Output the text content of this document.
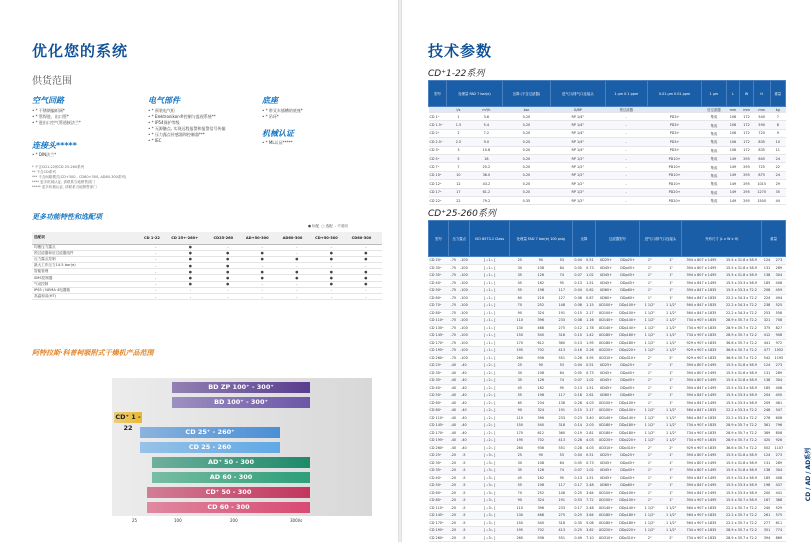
优化您的系统
供货范围
空气回路
• * 不锈钢编织网*
• * 管焊进、出口管*
• * 进出口空气管道接法兰*
电气部件
• * 预装电气柜
• * Elektronikon®控制与监视系统**
• * IP54保护等级
• * 无源触点, 实现远程报警和报警信号传输
• * 压力露点传感器和控制器***
• * IEC
底座
• * 带叉车插槽的底座*
• * 吊环*
机械认证
• * ML认证*****
连接头*****
• * DIN法兰*
* 不含CD1-22和CD 25-260系列
** 不含CD系列
*** 不含间歇模式(CD+300 - CD60+300, AD60-300系列)
**** 更多机械认证, 请联系当地销售部门
***** 更多机械认证, 请联系当地销售部门
更多功能特性和选配项
● 标配 ○ 选配 - 不适用
选配项	CD 1-22	CD 25+-260+	CD25-260	AD+50-300	AD60-300	CD+50-300	CD60-300
均衡压力露点	-	●	-	-	-	-	-
预过滤器和后过滤器组件	-	●	●	●	-	●	●
压力露点控制	-	●	●	●	●	●	●
最大工作压力14.5 bar(e)	-	●	●	-	-	-	-
智能管理	-	●	●	●	●	●	●
SMS控制器	-	●	●	●	●	●	●
气动控制	-	●	●	-	-	●	●
IP65 / NEMA 4电器箱	-	-	-	-	-	-	-
高温和双(HT)	-	-	-	-	-	-	-
阿特拉斯·科普柯吸附式干燥机产品范围
BD ZP 100⁺ - 300⁺
BD 100⁺ - 300⁺
CD⁺ 1 - 22	CD 25⁺ - 260⁺
CD 25 - 260
AD⁺ 50 - 300
AD 60 - 300
CD⁺ 50 - 300
CD 60 - 300
25	100	200	300l/s
CD / AD / AD系列
技术参数
CD⁺1-22系列
型号	处理量 FAD 7 bar(e)		压降 (不含过滤器)	进气口/排气口连接头	1 μm 0.1 ppm	0.01 μm 0.01 ppm	1 μm	L	W	H	重量
	l/s	m³/h	bar	G/BP	预过滤器		后过滤器	mm	mm	mm	kg
CD 1⁺	1	3.6	0.20	RP 1/4"	-	PD3+	集成	106	172	540	7
CD 1.5⁺	1.5	5.4	0.20	RP 1/4"	-	PD3+	集成	106	172	590	8
CD 2⁺	2	7.2	0.20	RP 1/4"	-	PD3+	集成	106	172	720	9
CD 2.5⁺	2.5	9.0	0.20	RP 1/4"	-	PD3+	集成	106	172	835	10
CD 3⁺	3	10.8	0.20	RP 1/4"	-	PD3+	集成	106	172	835	11
CD 5⁺	5	18	0.20	RP 1/2"	-	PD10+	集成	149	295	645	24
CD 7⁺	7	25.2	0.20	RP 1/2"	-	PD10+	集成	149	295	725	22
CD 10⁺	10	36.0	0.20	RP 1/2"	-	PD10+	集成	149	295	875	24
CD 12⁺	12	43.2	0.20	RP 1/2"	-	PD10+	集成	149	295	1015	29
CD 17⁺	17	61.2	0.20	RP 1/2"	-	PD20+	集成	149	295	1270	35
CD 22⁺	22	79.2	0.35	RP 1/2"	-	PD20+	集成	149	295	1500	44
CD⁺25-260系列
型号	压力露点		ISO 8573-1 Class	处理量 FAD 7 bar(e) 100 psig			压降		过滤器型号		进气口/排气口连接头		外形尺寸 (L x W x H)		重量	
CD 25⁺	-70	-100	[ -:1:- ]	25	90	53	0.04	0.51	UD25+	DDp25+	1"	1"	394 x 807 x 1495	15.5 x 31.8 x 58.9	124	273
CD 30⁺	-70	-100	[ -:1:- ]	30	108	64	0.05	0.73	UD45+	DDp45+	1"	1"	394 x 807 x 1495	15.5 x 31.8 x 58.9	131	289
CD 35⁺	-70	-100	[ -:1:- ]	35	126	74	0.07	1.02	UD45+	DDp45+	1"	1"	394 x 807 x 1495	15.5 x 31.8 x 58.9	138	304
CD 40⁺	-70	-100	[ -:1:- ]	45	162	95	0.13	1.51	UD45+	DDp45+	1"	1"	394 x 847 x 1495	15.5 x 33.3 x 58.9	185	408
CD 50⁺	-70	-100	[ -:1:- ]	55	198	117	0.04	0.62	UD60+	DDp60+	1"	1"	394 x 847 x 1835	15.5 x 33.3 x 72.2	208	459
CD 60⁺	-70	-100	[ -:1:- ]	60	216	127	0.06	0.87	UD60+	DDp60+	1"	1"	564 x 847 x 1835	22.2 x 34.3 x 72.2	224	494
CD 70⁺	-70	-100	[ -:1:- ]	70	252	148	0.08	1.15	UD100+	DDp100+	1 1/2"	1 1/2"	564 x 847 x 1835	22.2 x 34.3 x 72.2	238	525
CD 80⁺	-70	-100	[ -:1:- ]	90	324	191	0.15	2.17	UD100+	DDp100+	1 1/2"	1 1/2"	564 x 847 x 1835	22.2 x 34.3 x 72.2	253	558
CD 110⁺	-70	-100	[ -:1:- ]	110	396	233	0.08	1.16	UD140+	DDp140+	1 1/2"	1 1/2"	734 x 907 x 1835	28.9 x 35.7 x 72.2	321	708
CD 130⁺	-70	-100	[ -:1:- ]	130	468	275	0.12	1.78	UD140+	DDp140+	1 1/2"	1 1/2"	734 x 907 x 1835	28.9 x 35.7 x 72.2	375	827
CD 145⁺	-70	-100	[ -:1:- ]	150	540	318	0.10	1.42	UD180+	DDp180+	1 1/2"	1 1/2"	734 x 907 x 1835	28.9 x 35.7 x 72.2	412	908
CD 170⁺	-70	-100	[ -:1:- ]	170	612	360	0.13	1.95	UD180+	DDp180+	1 1/2"	1 1/2"	929 x 907 x 1835	36.6 x 35.7 x 72.2	441	972
CD 195⁺	-70	-100	[ -:1:- ]	195	702	413	0.16	2.26	UD220+	DDp220+	1 1/2"	1 1/2"	929 x 907 x 1835	36.6 x 35.7 x 72.2	477	1052
CD 260⁺	-70	-100	[ -:1:- ]	260	936	551	0.28	3.95	UD310+	DDp310+	2"	2"	929 x 907 x 1835	36.6 x 35.7 x 72.2	542	1195
CD 25⁺	-40	-40	[ -:2:- ]	25	90	53	0.04	0.51	UD25+	DDp25+	1"	1"	394 x 807 x 1495	15.5 x 31.8 x 58.9	124	273
CD 30⁺	-40	-40	[ -:2:- ]	30	108	64	0.05	0.73	UD45+	DDp45+	1"	1"	394 x 807 x 1495	15.5 x 31.8 x 58.9	131	289
CD 35⁺	-40	-40	[ -:2:- ]	35	126	74	0.07	1.02	UD45+	DDp45+	1"	1"	394 x 807 x 1495	15.5 x 31.8 x 58.9	138	304
CD 40⁺	-40	-40	[ -:2:- ]	45	162	95	0.13	1.51	UD45+	DDp45+	1"	1"	394 x 847 x 1495	15.5 x 33.3 x 58.9	185	408
CD 50⁺	-40	-40	[ -:2:- ]	55	198	117	0.18	2.61	UD60+	DDp60+	1"	1"	394 x 847 x 1495	15.5 x 33.3 x 58.9	204	450
CD 60⁺	-40	-40	[ -:2:- ]	65	234	138	0.28	4.03	UD100+	DDp100+	1"	1"	394 x 847 x 1495	15.5 x 33.3 x 58.9	209	461
CD 80⁺	-40	-40	[ -:2:- ]	90	324	191	0.15	2.17	UD100+	DDp100+	1 1/2"	1 1/2"	564 x 847 x 1835	22.2 x 33.3 x 72.2	248	547
CD 110⁺	-40	-40	[ -:2:- ]	110	396	233	0.23	3.40	UD140+	DDp140+	1 1/2"	1 1/2"	564 x 847 x 1835	22.2 x 33.3 x 72.2	276	608
CD 145⁺	-40	-40	[ -:2:- ]	150	540	318	0.14	2.03	UD180+	DDp180+	1 1/2"	1 1/2"	734 x 907 x 1835	28.9 x 35.7 x 72.2	361	796
CD 170⁺	-40	-40	[ -:2:- ]	170	612	360	0.19	2.81	UD180+	DDp180+	1 1/2"	1 1/2"	734 x 907 x 1835	28.9 x 35.7 x 72.2	389	858
CD 195⁺	-40	-40	[ -:2:- ]	195	702	413	0.28	4.03	UD220+	DDp220+	1 1/2"	1 1/2"	734 x 907 x 1835	28.9 x 35.7 x 72.2	420	926
CD 260⁺	-40	-40	[ -:2:- ]	260	936	551	0.28	4.03	UD310+	DDp310+	2"	2"	929 x 907 x 1835	36.6 x 35.7 x 72.2	502	1107
CD 25⁺	-20	-5	[ -:3:- ]	25	90	53	0.04	0.51	UD25+	DDp25+	1"	1"	394 x 807 x 1495	15.5 x 31.8 x 58.9	124	273
CD 30⁺	-20	-5	[ -:3:- ]	30	108	64	0.05	0.73	UD45+	DDp45+	1"	1"	394 x 807 x 1495	15.5 x 31.8 x 58.9	131	289
CD 35⁺	-20	-5	[ -:3:- ]	35	126	74	0.07	1.02	UD45+	DDp45+	1"	1"	394 x 807 x 1495	15.5 x 31.8 x 58.9	138	304
CD 40⁺	-20	-5	[ -:3:- ]	45	162	95	0.13	1.51	UD45+	DDp45+	1"	1"	394 x 847 x 1495	15.5 x 33.3 x 58.9	185	408
CD 50⁺	-20	-5	[ -:3:- ]	55	198	117	0.17	2.48	UD60+	DDp60+	1"	1"	394 x 847 x 1495	15.5 x 33.3 x 58.9	198	437
CD 60⁺	-20	-5	[ -:3:- ]	70	252	148	0.25	3.64	UD100+	DDp100+	1"	1"	394 x 847 x 1495	15.5 x 33.3 x 58.9	200	441
CD 80⁺	-20	-5	[ -:3:- ]	90	324	191	0.53	7.72	UD100+	DDp100+	1"	1"	394 x 907 x 1495	15.5 x 35.7 x 58.9	167	368
CD 110⁺	-20	-5	[ -:3:- ]	110	396	233	0.17	2.48	UD140+	DDp140+	1 1/2"	1 1/2"	564 x 907 x 1835	22.2 x 35.7 x 72.2	240	529
CD 145⁺	-20	-5	[ -:3:- ]	130	468	275	0.25	3.64	UD180+	DDp180+	1 1/2"	1 1/2"	564 x 907 x 1835	22.2 x 35.7 x 72.2	261	575
CD 170⁺	-20	-5	[ -:3:- ]	150	540	318	0.35	5.08	UD180+	DDp180+	1 1/2"	1 1/2"	564 x 907 x 1835	22.2 x 35.7 x 72.2	277	611
CD 195⁺	-20	-5	[ -:3:- ]	195	702	413	0.25	3.62	UD220+	DDp220+	1 1/2"	1 1/2"	734 x 907 x 1835	28.9 x 35.7 x 72.2	351	774
CD 260⁺	-20	-5	[ -:3:- ]	260	936	551	0.49	7.10	UD310+	DDp310+	2"	2"	734 x 907 x 1835	28.9 x 35.7 x 72.2	394	869
